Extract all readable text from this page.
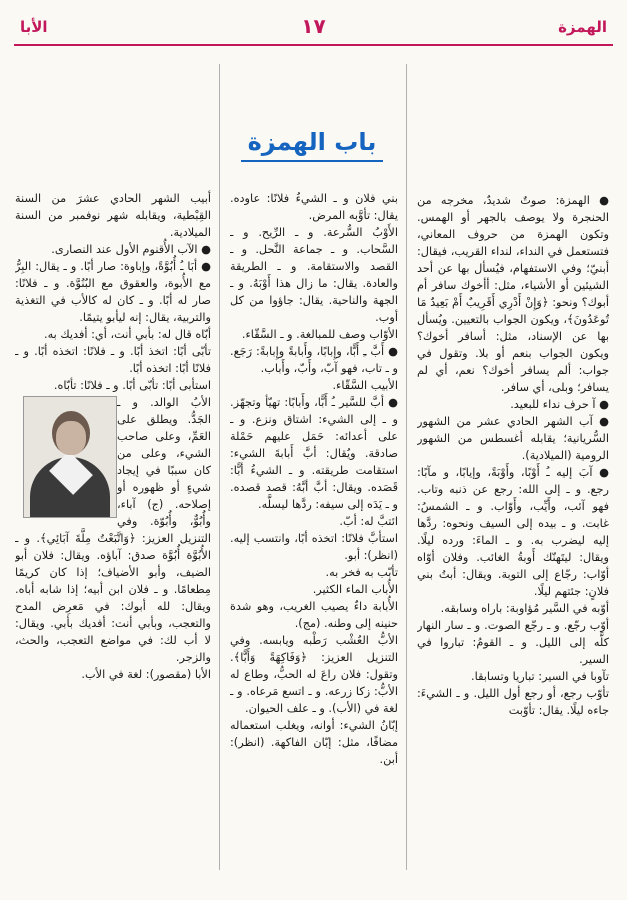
الهمزة
١٧
الأبا
باب الهمزة

● الهمزة: صوتٌ شديدٌ، مخرجه من الحنجرة ولا يوصف بالجهر أو الهمس. وتكون الهمزة من حروف المعاني، فتستعمل في النداء، لنداء القريب، فيقال: أبنيّ؛ وفي الاستفهام، فيُسأل بها عن أحد الشيئين أو الأشياء، مثل: أأخوك سافر أم أبوك؟ ونحو: ﴿وَإِنْ أَدْرِي أَقَرِيبٌ أَمْ بَعِيدٌ مَا تُوعَدُونَ﴾، ويكون الجواب بالتعيين. ويُسأل بها عن الإسناد، مثل: أسافر أخوك؟ ويكون الجواب بنعم أو بلا. وتقول في جواب: ألم يسافر أخوك؟ نعم، أي لم يسافر؛ وبلى، أي سافر.

● آ حرف نداء للبعيد.

● آب الشهر الحادي عشر من الشهور السُّريانية؛ يقابله أغسطس من الشهور الرومية (الميلادية).

● آبَ إليه ـُ أَوْبًا، وأَوْبَةً، وإيابًا، و مآبًا: رجع. و ـ إلى الله: رجع عن ذنبه وتاب. فهو آئب، وأَيِّب، وأَوّاب. و ـ الشمسُ: غابت. و ـ بيده إلى السيف ونحوه: ردَّها إليه ليضرب به. و ـ الماءَ: ورده ليلًا. ويقال: ليتَهنّك أَوبةُ الغائب. وفلان أوّاه أوّاب: رجّاع إلى التوبة. ويقال: أبتُ بني فلانٍ: جئتهم ليلًا.

أوّبه في السَّير مُؤاوبة: باراه وسابقه.

أوّب رجّع. و ـ رجّع الصوت. و ـ سار النهار كلَّه إلى الليل. و ـ القومُ: تباروا في السير.

تآوبا في السير: تباريا وتسابقا.

تأوّب رجع، أو رجع أول الليل. و ـ الشيءَ: جاءه ليلًا. يقال: تأوّبت

بني فلان و ـ الشيءُ فلانًا: عاوده. يقال: تأوَّبه المرض.

الأَوْبُ السُّرعة. و ـ الرِّيح. و ـ السَّحاب. و ـ جماعة النَّحل. و ـ القصد والاستقامة. و ـ الطريقة والعادة. يقال: ما زال هذا أَوْبَهُ. و ـ الجهة والناحية. يقال: جاؤوا من كل أوب.

الأوّاب وصف للمبالغة. و ـ السَّقّاء.

● أَبَّ ـِ أَبًّا، وإِبابًا، وأَبابةً وإِبابةً: رَجَع. و ـ تاب، فهو آبّ، وأَبّ، وأَباب.

الأبيب السَّقّاء.

● أبَّ للسَّير ـُ أَبًّا، وأَبابًا: تهيّأ وتجهّز. و ـ إلى الشيء: اشتاق ونزع. و ـ على أعدائه: حَمَل عليهم حَمْلة صادقة. ويُقال: أبَّ أَبابةَ الشيء: استقامت طريقته. و ـ الشيءُ أبًّا: قَصَده. ويقال: أبَّ أبَّهُ: قصد قصده. و ـ يَدَه إلى سيفه: ردَّها ليسلَّه.

ائتبَّ له: أبّ.

استأبَّ فلانًا: اتخذه أبًا، وانتسب إليه. (انظر): أبو.

تأبّب به فخر به.

الأُباب الماء الكثير.

الأُبابة داءٌ يصيب الغريب، وهو شدة حنينه إلى وطنه. (مج).

الأبُّ العُشْب رَطْبه ويابسه. وفي التنزيل العزيز: ﴿وَفَاكِهَةً وَأَبًّا﴾. وتقول: فلان راعَ له الحبُّ، وطاع له الأبُّ: زكا زرعه. و ـ اتسع مَرعاه. و ـ لغة في (الأب). و ـ علف الحيوان.

إبّانُ الشيء: أوانه، ويغلب استعماله مضافًا، مثل: إبّان الفاكهة. (انظر): أبن.

أبيب الشهر الحادي عشرَ من السنة القِبْطية، ويقابله شهر نوفمبر من السنة الميلادية.

● الآب الأُقنوم الأول عند النصارى.

● أبَا ـُ أُبُوَّةً، وإباوة: صار أبًا. و ـ يقال: البِرُّ مع الأُبوة، والعقوق مع البُنُوَّة. و ـ فلانًا: صار له أبًا. و ـ كان له كالأب في التغذية والتربية، يقال: إنه ليأبو يتيمًا.

أبّاه قال له: بأبي أنت، أي: أفديك به.

تأبّى أبًا: اتخذ أبًا. و ـ فلانًا: اتخذه أبًا. و ـ فلانًا أبًا: اتخذه أبًا.

استأبى أبًا: تأبّى أبًا. و ـ فلانًا: تأبّاه.

الأبُ الوالد. و ـ الجَدُّ. ويطلق على العَمِّ، وعلى صاحب الشيء، وعلى من كان سببًا في إيجاد شيءٍ أو ظهوره أو إصلاحه. (ج) آباء، وأُبُوٌّ، وأُبُوّة. وفي التنزيل العزيز: ﴿وَاتَّبَعْتُ مِلَّةَ آبَائِي﴾. و ـ الأُبُوَّة أُبُوَّة صدق: آباؤه. ويقال: فلان أبو الضيف، وأبو الأضياف؛ إذا كان كريمًا مِطعامًا. و ـ فلان ابن أبيه؛ إذا شابه أباه. ويقال: لله أبوك: في مَعرِض المدح والتعجب، وبأبي أنت: أفديك بأبي. ويقال: لا أب لك: في مواضع التعجب، والحث، والزجر.

الأبا (مقصور): لغة في الأب.
